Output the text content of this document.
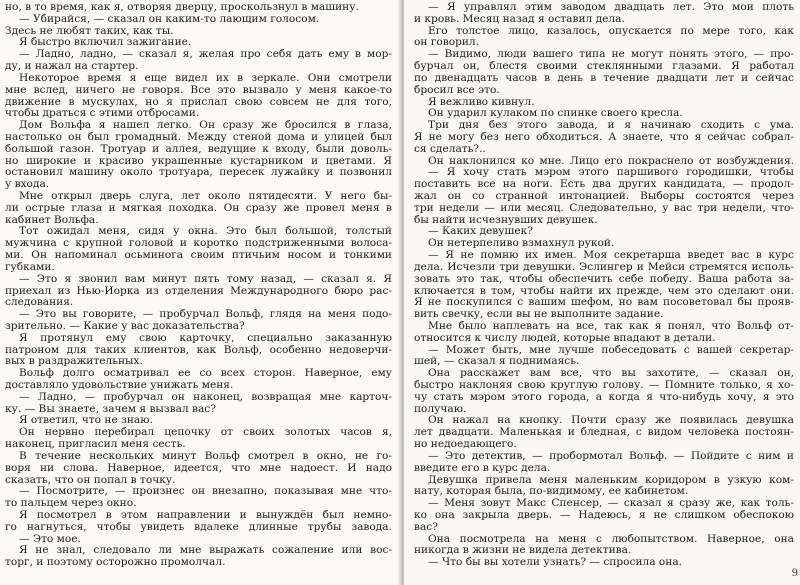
но, в то время, как я, отворяя дверцу, проскользнул в машину.
— Убирайся, — сказал он каким-то лающим голосом.
Здесь не любят таких, как ты.
Я быстро включил зажигание.
— Ладно, ладно, — сказал я, желая про себя дать ему в мор-
ду, и нажал на стартер.
Некоторое время я еще видел их в зеркале. Они смотрели
мне вслед, ничего не говоря. Все это вызвало у меня какое-то
движение в мускулах, но я прислал свою совсем не для того,
чтобы драться с этими отбросами.
Дом Вольфа я нашел легко. Он сразу же бросился в глаза,
настолько он был громадный. Между стеной дома и улицей был
большой газон. Тротуар и аллея, ведущие к входу, были доволь-
но широкие и красиво украшенные кустарником и цветами. Я
остановил машину около тротуара, пересек лужайку и позвонил
у входа.
Мне открыл дверь слуга, лет около пятидесяти. У него бы-
ли острые глаза и мягкая походка. Он сразу же провел меня в
кабинет Вольфа.
Тот ожидал меня, сидя у окна. Это был большой, толстый
мужчина с крупной головой и коротко подстриженными волоса-
ми. Он напоминал осьминога своим птичьим носом и тонкими
губками.
— Это я звонил вам минут пять тому назад, — сказал я. Я
приехал из Нью-Йорка из отделения Международного бюро рас-
следования.
— Это вы говорите, — пробурчал Вольф, глядя на меня подо-
зрительно. — Какие у вас доказательства?
Я протянул ему свою карточку, специально заказанную
патроном для таких клиентов, как Вольф, особенно недоверчи-
вых в раздражительных.
Вольф долго осматривал ее со всех сторон. Наверное, ему
доставляло удовольствие унижать меня.
— Ладно, — пробурчал он наконец, возвращая мне карточ-
ку. — Вы знаете, зачем я вызвал вас?
Я ответил, что не знаю.
Он нервно перебирал цепочку от своих золотых часов я,
наконец, пригласил меня сесть.
В течение нескольких минут Вольф смотрел в окно, не го-
воря ни слова. Наверное, идеется, что мне надоест. И надо
сказать, что он попал в точку.
— Посмотрите, — произнес он внезапно, показывая мне что-
то пальцем через окно.
Я посмотрел в этом направлении и вынуждён был немно-
го нагнуться, чтобы увидеть вдалеке длинные трубы завода.
— Это мое.
Я не знал, следовало ли мне выражать сожаление или вос-
торг, и поэтому осторожно промолчал.
— Я управлял этим заводом двадцать лет. Это мои плоть
и кровь. Месяц назад я оставил дела.
Его толстое лицо, казалось, опускается по мере того, как
он говорил.
— Видимо, люди вашего типа не могут понять этого, — про-
бурчал он, блестя своими стеклянными глазами. Я работал
по двенадцать часов в день в течение двадцати лет и сейчас
бросил все это.
Я вежливо кивнул.
Он ударил кулаком по спинке своего кресла.
Три дня без этого завода, и я начинаю сходить с ума.
Я не могу без него обходиться. А знаете, что я сейчас собрал-
ся сделать?..
Он наклонился ко мне. Лицо его покраснело от возбуждения.
— Я хочу стать мэром этого паршивого городишки, чтобы
поставить все на ноги. Есть два других кандидата, — продол-
жал он со странной интонацией. Выборы состоятся через
три недели — или месяц. Следовательно, у вас три недели, что-
бы найти исчезнувших девушек.
— Каких девушек?
Он нетерпеливо взмахнул рукой.
— Я не помню их имен. Моя секретарша введет вас в курс
дела. Исчезли три девушки. Эслингер и Мейси стремятся исполь-
зовать это так, чтобы обеспечить себе победу. Ваша работа за-
ключается в том, чтобы найти их прежде, чем это сделают они.
Я не поскупился с вашим шефом, но вам посоветовал бы прояв-
вить свечку, если вы не выполните задание.
Мне было наплевать на все, так как я понял, что Вольф от-
относится к числу людей, которые впадают в детали.
— Может быть, мне лучше побеседовать с вашей секретар-
шей, — сказал я поднимаясь.
Она расскажет вам все, что вы захотите, — сказал он,
быстро наклоняя свою круглую голову. — Помните только, я хо-
чу стать мэром этого города, а когда я что-нибудь хочу, я это
получаю.
Он нажал на кнопку. Почти сразу же появилась девушка
лет двадцати. Маленькая и бледная, с видом человека постоян-
но недоедающего.
— Это детектив, — пробормотал Вольф. — Пойдите с ним и
введите его в курс дела.
Девушка привела меня маленьким коридором в узкую ком-
нату, которая была, по-видимому, ее кабинетом.
— Меня зовут Макс Спенсер, — сказал я сразу же, как толь-
ко она закрыла дверь. — Надеюсь, я не слишком обеспокою
вас?
Она посмотрела на меня с любопытством. Наверное, она
никогда в жизни не видела детектива.
— Что бы вы хотели узнать? — спросила она.
9
